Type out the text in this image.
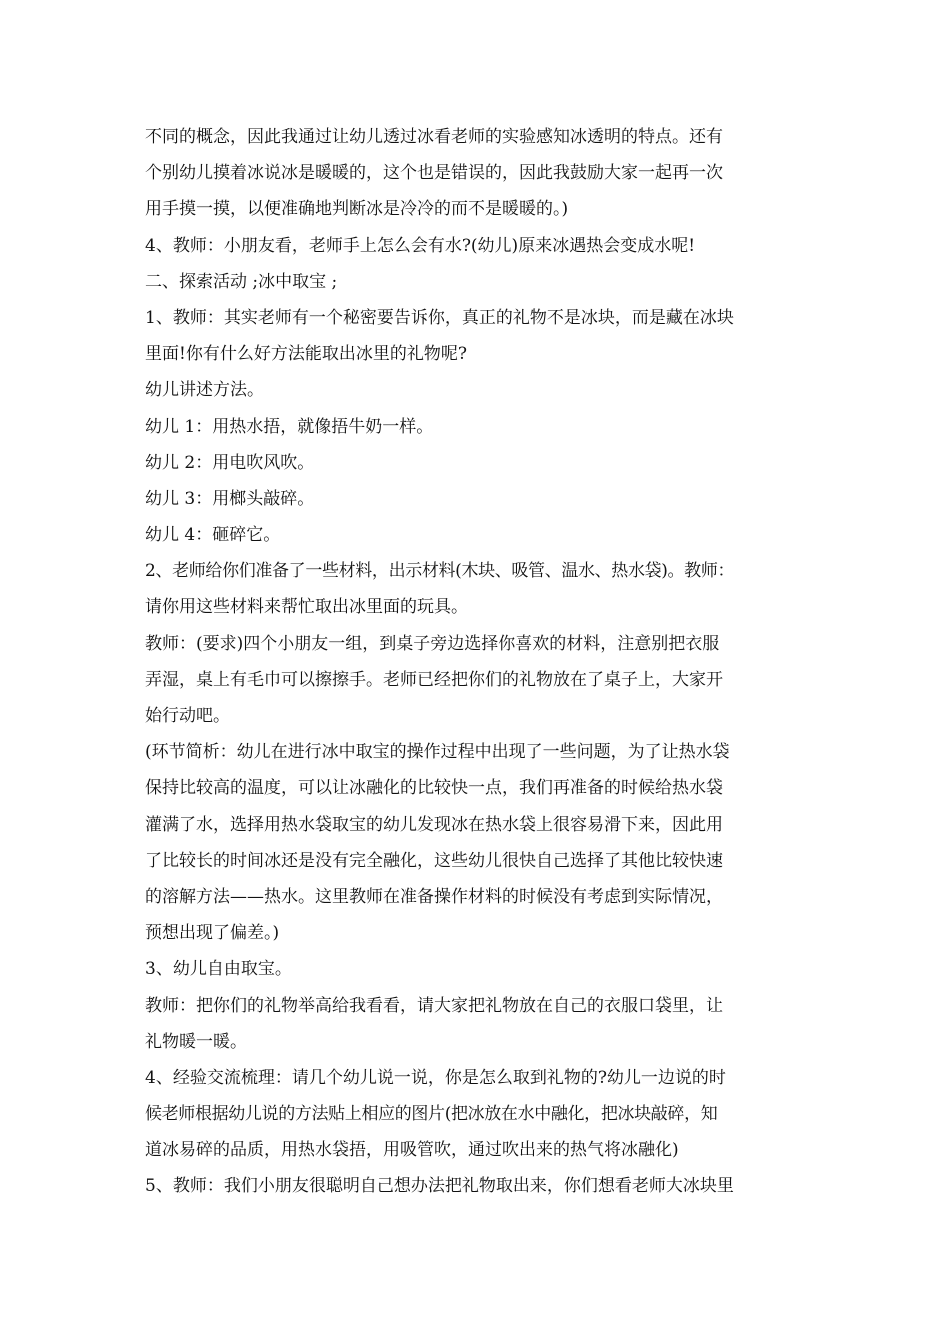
不同的概念，因此我通过让幼儿透过冰看老师的实验感知冰透明的特点。还有
个别幼儿摸着冰说冰是暖暖的，这个也是错误的，因此我鼓励大家一起再一次
用手摸一摸，以便准确地判断冰是冷冷的而不是暖暖的。)
4、教师：小朋友看，老师手上怎么会有水?(幼儿)原来冰遇热会变成水呢!
二、探索活动 ;冰中取宝 ;
1、教师：其实老师有一个秘密要告诉你，真正的礼物不是冰块，而是藏在冰块
里面!你有什么好方法能取出冰里的礼物呢?
幼儿讲述方法。
幼儿 1：用热水捂，就像捂牛奶一样。
幼儿 2：用电吹风吹。
幼儿 3：用榔头敲碎。
幼儿 4：砸碎它。
2、老师给你们准备了一些材料，出示材料(木块、吸管、温水、热水袋)。教师：
请你用这些材料来帮忙取出冰里面的玩具。
教师：(要求)四个小朋友一组，到桌子旁边选择你喜欢的材料，注意别把衣服
弄湿，桌上有毛巾可以擦擦手。老师已经把你们的礼物放在了桌子上，大家开
始行动吧。
(环节简析：幼儿在进行冰中取宝的操作过程中出现了一些问题，为了让热水袋
保持比较高的温度，可以让冰融化的比较快一点，我们再准备的时候给热水袋
灌满了水，选择用热水袋取宝的幼儿发现冰在热水袋上很容易滑下来，因此用
了比较长的时间冰还是没有完全融化，这些幼儿很快自己选择了其他比较快速
的溶解方法——热水。这里教师在准备操作材料的时候没有考虑到实际情况，
预想出现了偏差。)
3、幼儿自由取宝。
教师：把你们的礼物举高给我看看，请大家把礼物放在自己的衣服口袋里，让
礼物暖一暖。
4、经验交流梳理：请几个幼儿说一说，你是怎么取到礼物的?幼儿一边说的时
候老师根据幼儿说的方法贴上相应的图片(把冰放在水中融化，把冰块敲碎，知
道冰易碎的品质，用热水袋捂，用吸管吹，通过吹出来的热气将冰融化)
5、教师：我们小朋友很聪明自己想办法把礼物取出来，你们想看老师大冰块里
